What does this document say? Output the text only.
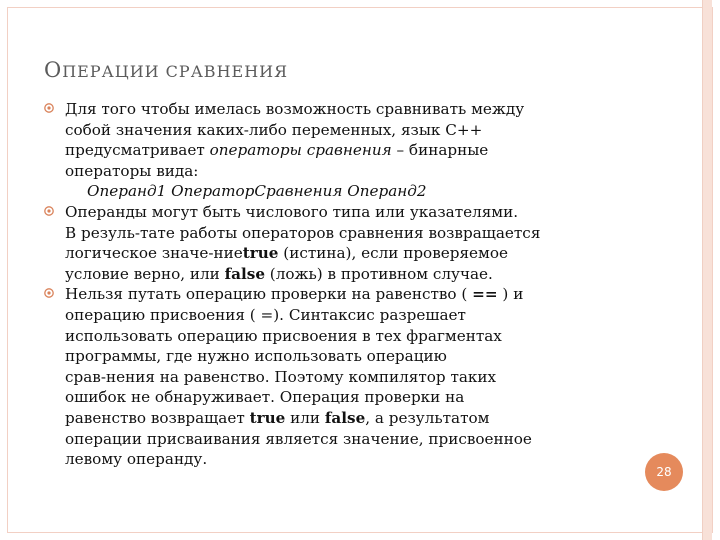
ОПЕРАЦИИ СРАВНЕНИЯ
Для того чтобы имелась возможность сравнивать между
собой значения каких-либо переменных, язык С++
предусматривает операторы сравнения – бинарные
операторы вида:
Операнд1 ОператорСравнения Операнд2
Операнды могут быть числового типа или указателями.
В резуль-тате работы операторов сравнения возвращается
логическое значе-ниеtrue (истина), если проверяемое
условие верно, или false (ложь) в противном случае.
Нельзя путать операцию проверки на равенство ( == ) и
операцию присвоения ( =). Синтаксис разрешает
использовать операцию присвоения в тех фрагментах
программы, где нужно использовать операцию
срав-нения на равенство. Поэтому компилятор таких
ошибок не обнаруживает. Операция проверки на
равенство возвращает true или false, а результатом
операции присваивания является значение, присвоенное
левому операнду.
28
